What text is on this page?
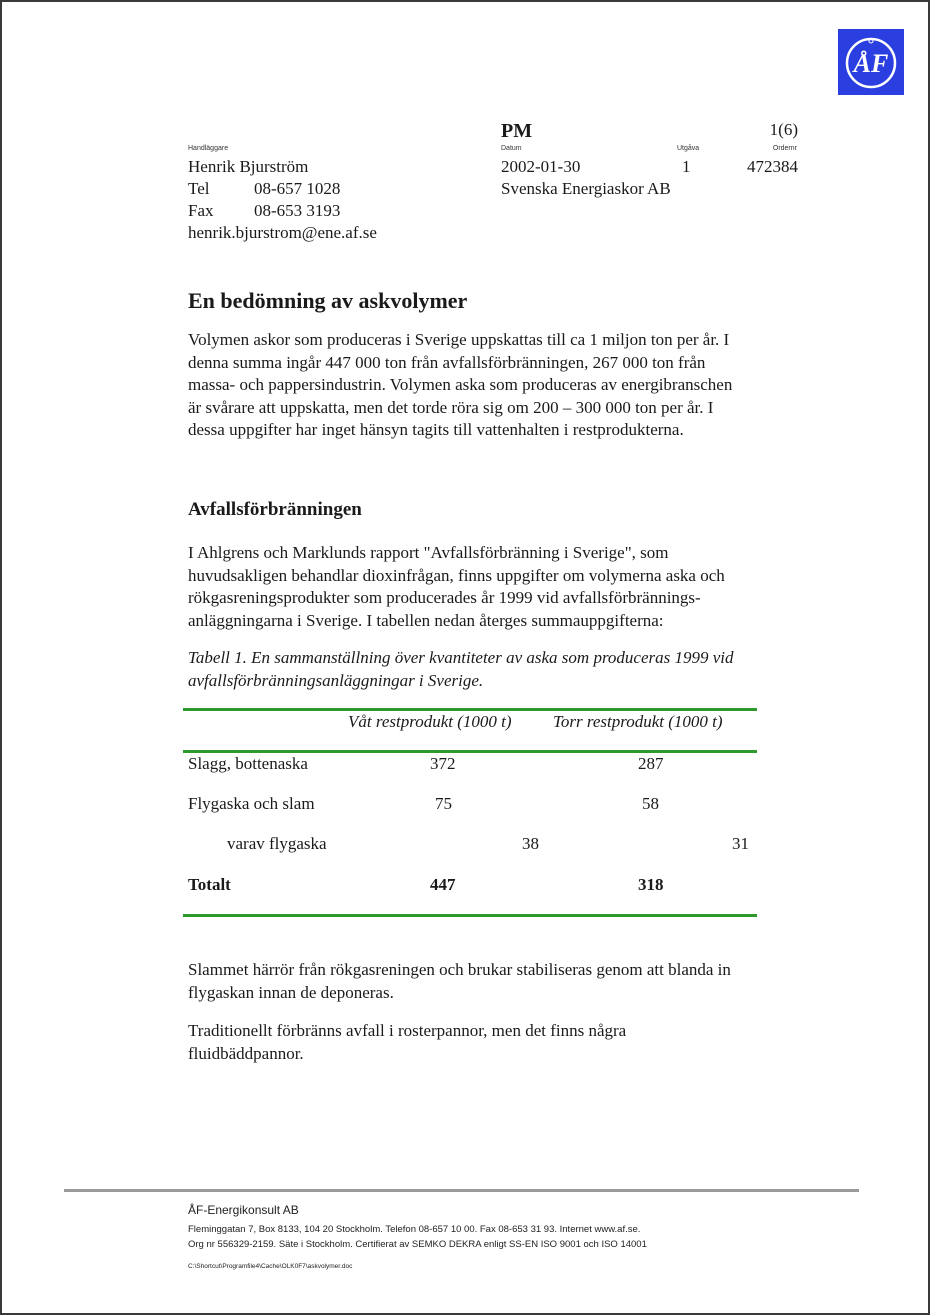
ÅF
PM	1(6)
Handläggare	Datum	Utgåva	Ordernr
Henrik Bjurström
Tel	08-657 1028
Fax 08-653 3193
henrik.bjurstrom@ene.af.se
2002-01-30	1	472384
Svenska Energiaskor AB
En bedömning av askvolymer
Volymen askor som produceras i Sverige uppskattas till ca 1 miljon ton per år. I
denna summa ingår 447 000 ton från avfallsförbränningen, 267 000 ton från
massa- och pappersindustrin. Volymen aska som produceras av energibranschen
är svårare att uppskatta, men det torde röra sig om 200 – 300 000 ton per år. I
dessa uppgifter har inget hänsyn tagits till vattenhalten i restprodukterna.
Avfallsförbränningen
I Ahlgrens och Marklunds rapport "Avfallsförbränning i Sverige", som
huvudsakligen behandlar dioxinfrågan, finns uppgifter om volymerna aska och
rökgasreningsprodukter som producerades år 1999 vid avfallsförbrännings-
anläggningarna i Sverige. I tabellen nedan återges summauppgifterna:
Tabell 1. En sammanställning över kvantiteter av aska som produceras 1999 vid
avfallsförbränningsanläggningar i Sverige.
Våt restprodukt (1000 t) Torr restprodukt (1000 t)
Slagg, bottenaska	372	287
Flygaska och slam	75	58
varav flygaska	38	31
Totalt	447	318
Slammet härrör från rökgasreningen och brukar stabiliseras genom att blanda in
flygaskan innan de deponeras.
Traditionellt förbränns avfall i rosterpannor, men det finns några
fluidbäddpannor.
ÅF-Energikonsult AB
Fleminggatan 7, Box 8133, 104 20 Stockholm. Telefon 08-657 10 00. Fax 08-653 31 93. Internet www.af.se.
Org nr 556329-2159. Säte i Stockholm. Certifierat av SEMKO DEKRA enligt SS-EN ISO 9001 och ISO 14001
C:\Shortcut\Programfile4\Cache\OLK0F7\askvolymer.doc
